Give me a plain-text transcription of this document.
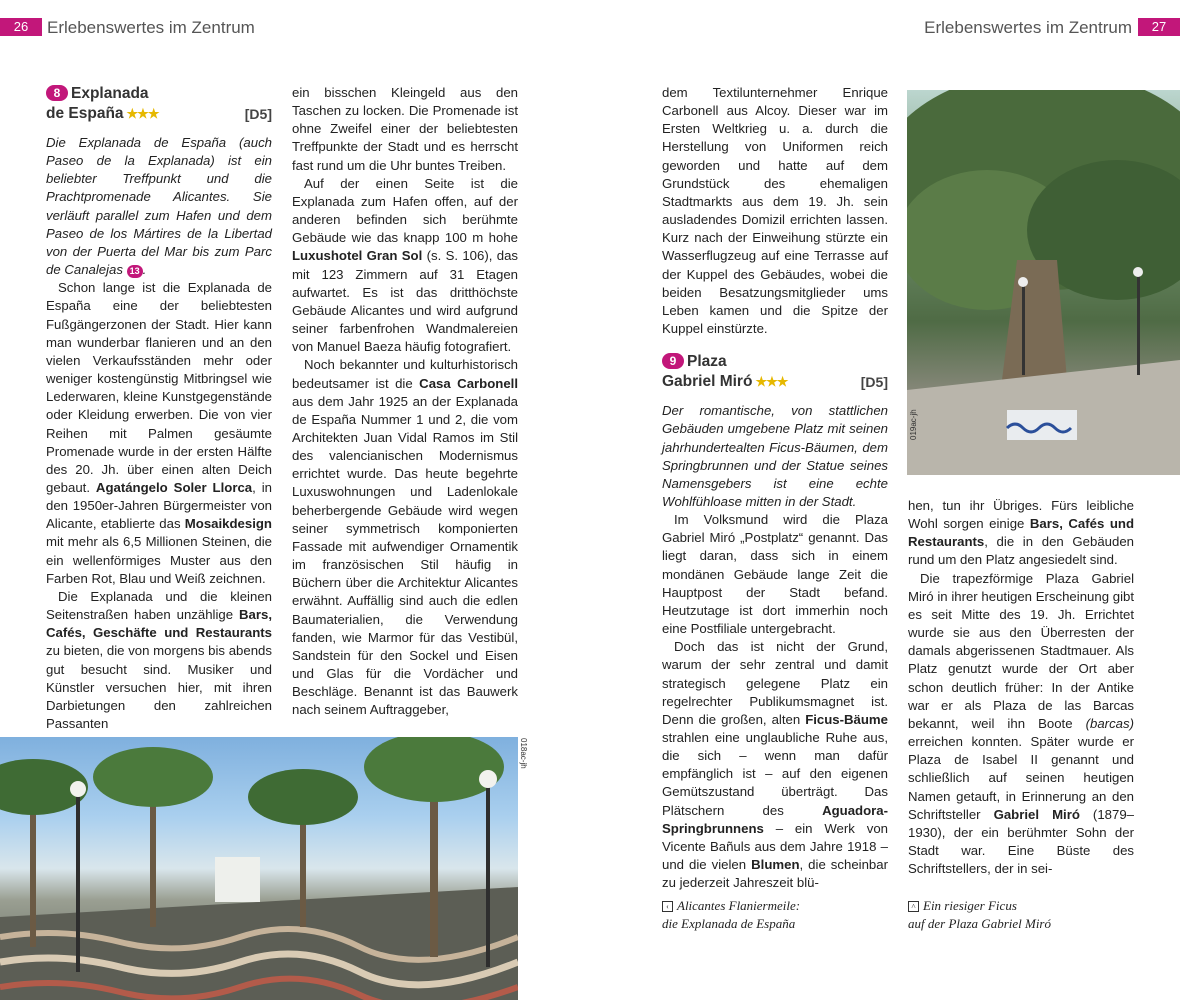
26	Erlebenswertes im Zentrum	Erlebenswertes im Zentrum	27
8 Explanada
de España ★★★	[D5]

Die Explanada de España (auch Paseo de la Explanada) ist ein beliebter Treffpunkt und die Prachtpromenade Alicantes. Sie verläuft parallel zum Hafen und dem Paseo de los Mártires de la Libertad von der Puerta del Mar bis zum Parc de Canalejas 13 .

Schon lange ist die Explanada de España eine der beliebtesten Fußgängerzonen der Stadt. Hier kann man wunderbar flanieren und an den vielen Verkaufsständen mehr oder weniger kostengünstig Mitbringsel wie Lederwaren, kleine Kunstgegenstände oder Kleidung erwerben. Die von vier Reihen mit Palmen gesäumte Promenade wurde in der ersten Hälfte des 20. Jh. über einen alten Deich gebaut. Agatángelo Soler Llorca, in den 1950er-Jahren Bürgermeister von Alicante, etablierte das Mosaikdesign mit mehr als 6,5 Millionen Steinen, die ein wellenförmiges Muster aus den Farben Rot, Blau und Weiß zeichnen.

Die Explanada und die kleinen Seitenstraßen haben unzählige Bars, Cafés, Geschäfte und Restaurants zu bieten, die von morgens bis abends gut besucht sind. Musiker und Künstler versuchen hier, mit ihren Darbietungen den zahlreichen Passanten

ein bisschen Kleingeld aus den Taschen zu locken. Die Promenade ist ohne Zweifel einer der beliebtesten Treffpunkte der Stadt und es herrscht fast rund um die Uhr buntes Treiben.

Auf der einen Seite ist die Explanada zum Hafen offen, auf der anderen befinden sich berühmte Gebäude wie das knapp 100 m hohe Luxushotel Gran Sol (s. S. 106), das mit 123 Zimmern auf 31 Etagen aufwartet. Es ist das dritthöchste Gebäude Alicantes und wird aufgrund seiner farbenfrohen Wandmalereien von Manuel Baeza häufig fotografiert.

Noch bekannter und kulturhistorisch bedeutsamer ist die Casa Carbonell aus dem Jahr 1925 an der Explanada de España Nummer 1 und 2, die vom Architekten Juan Vidal Ramos im Stil des valencianischen Modernismus errichtet wurde. Das heute begehrte Luxuswohnungen und Ladenlokale beherbergende Gebäude wird wegen seiner symmetrisch komponierten Fassade mit aufwendiger Ornamentik im französischen Stil häufig in Büchern über die Architektur Alicantes erwähnt. Auffällig sind auch die edlen Baumaterialien, die Verwendung fanden, wie Marmor für das Vestibül, Sandstein für den Sockel und Eisen und Glas für die Vordächer und Beschläge. Benannt ist das Bauwerk nach seinem Auftraggeber,

018ac-jh

dem Textilunternehmer Enrique Carbonell aus Alcoy. Dieser war im Ersten Weltkrieg u. a. durch die Herstellung von Uniformen reich geworden und hatte auf dem Grundstück des ehemaligen Stadtmarkts aus dem 19. Jh. sein ausladendes Domizil errichten lassen. Kurz nach der Einweihung stürzte ein Wasserflugzeug auf eine Terrasse auf der Kuppel des Gebäudes, wobei die beiden Besatzungsmitglieder ums Leben kamen und die Spitze der Kuppel einstürzte.

9 Plaza
Gabriel Miró ★★★	[D5]

Der romantische, von stattlichen Gebäuden umgebene Platz mit seinen jahrhundertealten Ficus-Bäumen, dem Springbrunnen und der Statue seines Namensgebers ist eine echte Wohlfühloase mitten in der Stadt.

Im Volksmund wird die Plaza Gabriel Miró „Postplatz“ genannt. Das liegt daran, dass sich in einem mondänen Gebäude lange Zeit die Hauptpost der Stadt befand. Heutzutage ist dort immerhin noch eine Postfiliale untergebracht.

Doch das ist nicht der Grund, warum der sehr zentral und damit strategisch gelegene Platz ein regelrechter Publikumsmagnet ist. Denn die großen, alten Ficus-Bäume strahlen eine unglaubliche Ruhe aus, die sich – wenn man dafür empfänglich ist – auf den eigenen Gemütszustand überträgt. Das Plätschern des Aguadora-Springbrunnens – ein Werk von Vicente Bañuls aus dem Jahre 1918 – und die vielen Blumen, die scheinbar zu jederzeit Jahreszeit blü-

019ac-jh

hen, tun ihr Übriges. Fürs leibliche Wohl sorgen einige Bars, Cafés und Restaurants, die in den Gebäuden rund um den Platz angesiedelt sind.

Die trapezförmige Plaza Gabriel Miró in ihrer heutigen Erscheinung gibt es seit Mitte des 19. Jh. Errichtet wurde sie aus den Überresten der damals abgerissenen Stadtmauer. Als Platz genutzt wurde der Ort aber schon deutlich früher: In der Antike war er als Plaza de las Barcas bekannt, weil ihn Boote (barcas) erreichen konnten. Später wurde er Plaza de Isabel II genannt und schließlich auf seinen heutigen Namen getauft, in Erinnerung an den Schriftsteller Gabriel Miró (1879–1930), der ein berühmter Sohn der Stadt war. Eine Büste des Schriftstellers, der in sei-

‹ Alicantes Flaniermeile:
die Explanada de España
˄ Ein riesiger Ficus
auf der Plaza Gabriel Miró
